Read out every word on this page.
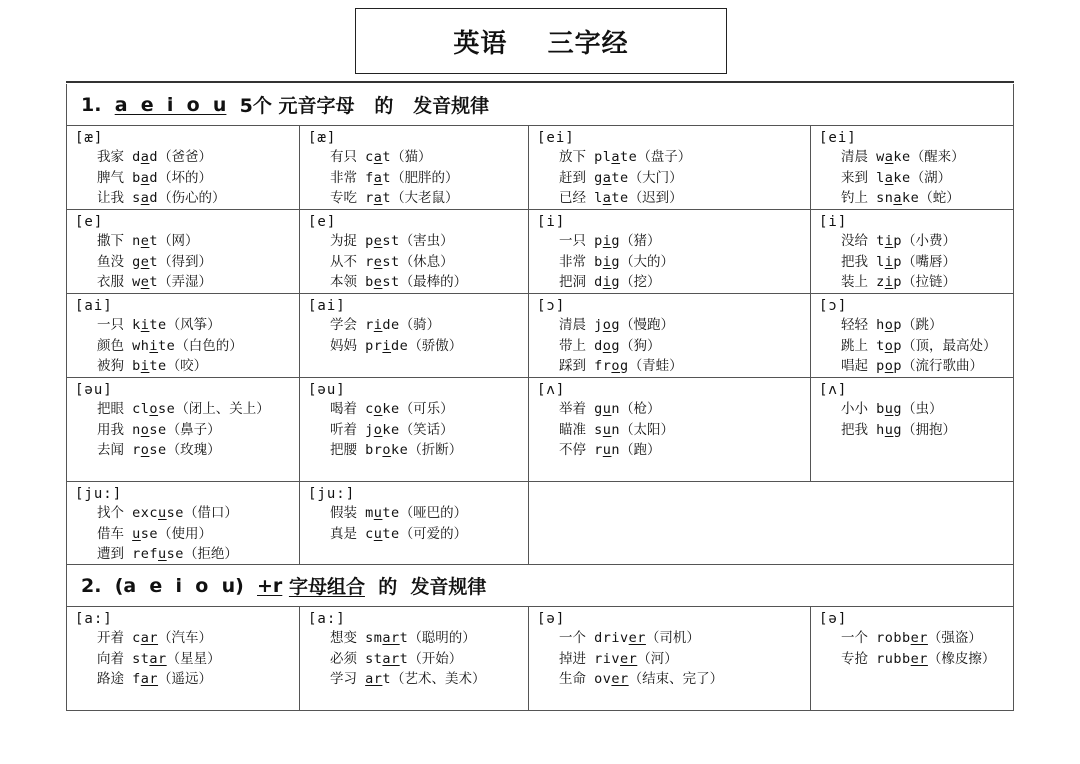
英语    三字经
1.
a  e  i  o  u
5个 元音字母   的   发音规律
[æ]
我家 dad（爸爸）
脾气 bad（坏的）
让我 sad（伤心的）
[æ]
有只 cat（猫）
非常 fat（肥胖的）
专吃 rat（大老鼠）
[ei]
放下 plate（盘子）
赶到 gate（大门）
已经 late（迟到）
[ei]
清晨 wake（醒来）
来到 lake（湖）
钓上 snake（蛇）
[e]
撒下 net（网）
鱼没 get（得到）
衣服 wet（弄湿）
[e]
为捉 pest（害虫）
从不 rest（休息）
本领 best（最棒的）
[i]
一只 pig（猪）
非常 big（大的）
把洞 dig（挖）
[i]
没给 tip（小费）
把我 lip（嘴唇）
装上 zip（拉链）
[ai]
一只 kite（风筝）
颜色 white（白色的）
被狗 bite（咬）
[ai]
学会 ride（骑）
妈妈 pride（骄傲）
[ɔ]
清晨 jog（慢跑）
带上 dog（狗）
踩到 frog（青蛙）
[ɔ]
轻轻 hop（跳）
跳上 top（顶，最高处）
唱起 pop（流行歌曲）
[əu]
把眼 close（闭上、关上）
用我 nose（鼻子）
去闻 rose（玫瑰）
[əu]
喝着 coke（可乐）
听着 joke（笑话）
把腰 broke（折断）
[ʌ]
举着 gun（枪）
瞄准 sun（太阳）
不停 run（跑）
[ʌ]
小小 bug（虫）
把我 hug（拥抱）
[ju:]
找个 excuse（借口）
借车 use（使用）
遭到 refuse（拒绝）
[ju:]
假装 mute（哑巴的）
真是 cute（可爱的）
2.
(a  e  i  o  u)
+r
字母组合
的  发音规律
[a:]
开着 car（汽车）
向着 star（星星）
路途 far（遥远）
[a:]
想变 smart（聪明的）
必须 start（开始）
学习 art（艺术、美术）
[ə]
一个 driver（司机）
掉进 river（河）
生命 over（结束、完了）
[ə]
一个 robber（强盗）
专抢 rubber（橡皮擦）
